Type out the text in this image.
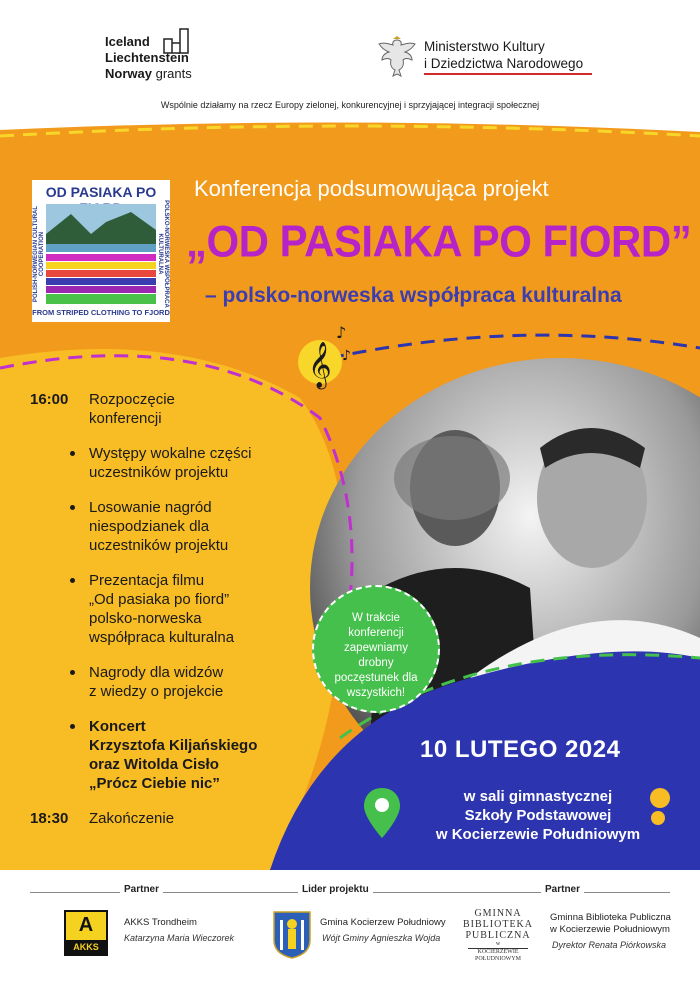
Iceland
Liechtenstein
Norway grants
Ministerstwo Kultury
i Dziedzictwa Narodowego
Wspólnie działamy na rzecz Europy zielonej, konkurencyjnej i sprzyjającej integracji społecznej
𝄞
♪
♪
OD PASIAKA PO
FROM STRIPED CLOTHING TO FJORD
POLISH-NORWEGIAN CULTURAL COOPERATION	POLSKO-NORWESKA WSPÓŁPRACA KULTURALNA
Konferencja podsumowująca projekt
„OD PASIAKA PO FIORD”
– polsko-norweska współpraca kulturalna
16:00 Rozpoczęcie
konferencji
Występy wokalne części
uczestników projektu
Losowanie nagród
niespodzianek dla
uczestników projektu
Prezentacja filmu
„Od pasiaka po fiord”
polsko-norweska
współpraca kulturalna
Nagrody dla widzów
z wiedzy o projekcie
Koncert
Krzysztofa Kiljańskiego
oraz Witolda Cisło
„Prócz Ciebie nic”
18:30 Zakończenie
W trakcie
konferencji
zapewniamy
drobny
poczęstunek dla
wszystkich!
10 LUTEGO 2024
w sali gimnastycznej
Szkoły Podstawowej
w Kocierzewie Południowym
Partner	Lider projektu	Partner
A
AKKS
AKKS Trondheim
Katarzyna Maria Wieczorek
Gmina Kocierzew Południowy
Wójt Gminy Agnieszka Wojda
GMINNA
BIBLIOTEKA
PUBLICZNA
w
KOCIERZEWIE
POŁUDNIOWYM
Gminna Biblioteka Publiczna
w Kocierzewie Południowym
Dyrektor Renata Piórkowska
